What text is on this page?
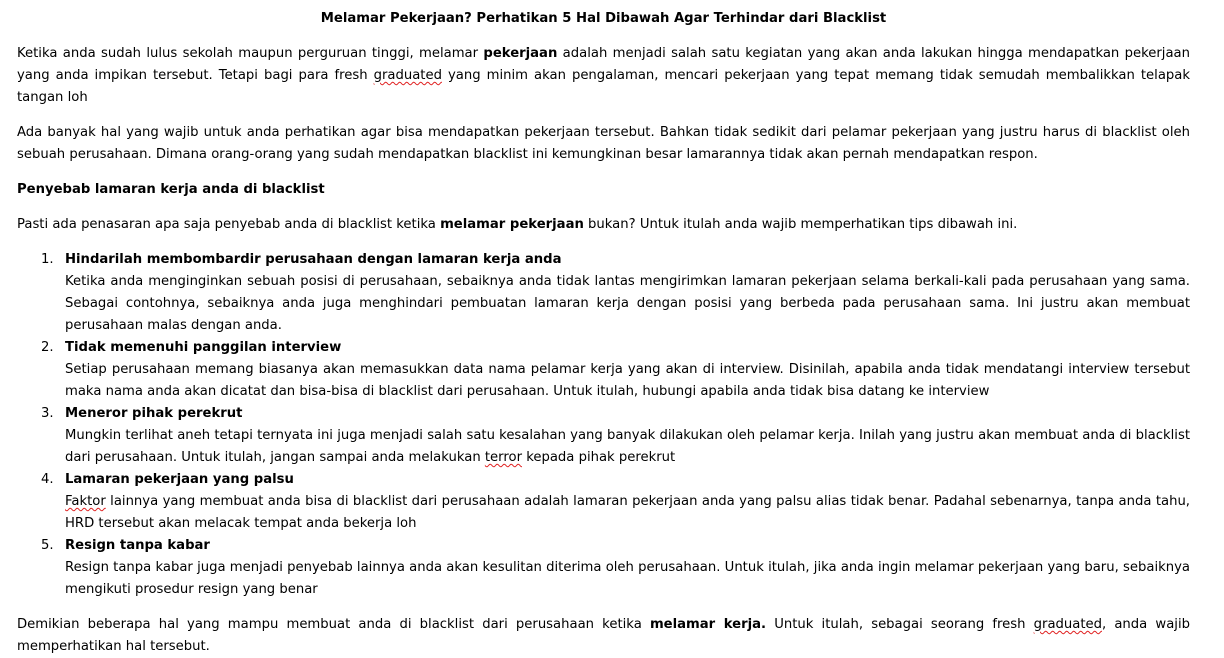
Melamar Pekerjaan? Perhatikan 5 Hal Dibawah Agar Terhindar dari Blacklist

Ketika anda sudah lulus sekolah maupun perguruan tinggi, melamar pekerjaan adalah menjadi salah satu kegiatan yang akan anda lakukan hingga mendapatkan pekerjaan yang anda impikan tersebut. Tetapi bagi para fresh graduated yang minim akan pengalaman, mencari pekerjaan yang tepat memang tidak semudah membalikkan telapak tangan loh

Ada banyak hal yang wajib untuk anda perhatikan agar bisa mendapatkan pekerjaan tersebut. Bahkan tidak sedikit dari pelamar pekerjaan yang justru harus di blacklist oleh sebuah perusahaan. Dimana orang-orang yang sudah mendapatkan blacklist ini kemungkinan besar lamarannya tidak akan pernah mendapatkan respon.

Penyebab lamaran kerja anda di blacklist

Pasti ada penasaran apa saja penyebab anda di blacklist ketika melamar pekerjaan bukan? Untuk itulah anda wajib memperhatikan tips dibawah ini.

1. Hindarilah membombardir perusahaan dengan lamaran kerja anda
Ketika anda menginginkan sebuah posisi di perusahaan, sebaiknya anda tidak lantas mengirimkan lamaran pekerjaan selama berkali-kali pada perusahaan yang sama. Sebagai contohnya, sebaiknya anda juga menghindari pembuatan lamaran kerja dengan posisi yang berbeda pada perusahaan sama. Ini justru akan membuat perusahaan malas dengan anda.
2. Tidak memenuhi panggilan interview
Setiap perusahaan memang biasanya akan memasukkan data nama pelamar kerja yang akan di interview. Disinilah, apabila anda tidak mendatangi interview tersebut maka nama anda akan dicatat dan bisa-bisa di blacklist dari perusahaan. Untuk itulah, hubungi apabila anda tidak bisa datang ke interview
3. Meneror pihak perekrut
Mungkin terlihat aneh tetapi ternyata ini juga menjadi salah satu kesalahan yang banyak dilakukan oleh pelamar kerja. Inilah yang justru akan membuat anda di blacklist dari perusahaan. Untuk itulah, jangan sampai anda melakukan terror kepada pihak perekrut
4. Lamaran pekerjaan yang palsu
Faktor lainnya yang membuat anda bisa di blacklist dari perusahaan adalah lamaran pekerjaan anda yang palsu alias tidak benar. Padahal sebenarnya, tanpa anda tahu, HRD tersebut akan melacak tempat anda bekerja loh
5. Resign tanpa kabar
Resign tanpa kabar juga menjadi penyebab lainnya anda akan kesulitan diterima oleh perusahaan. Untuk itulah, jika anda ingin melamar pekerjaan yang baru, sebaiknya mengikuti prosedur resign yang benar

Demikian beberapa hal yang mampu membuat anda di blacklist dari perusahaan ketika melamar kerja. Untuk itulah, sebagai seorang fresh graduated, anda wajib memperhatikan hal tersebut.
